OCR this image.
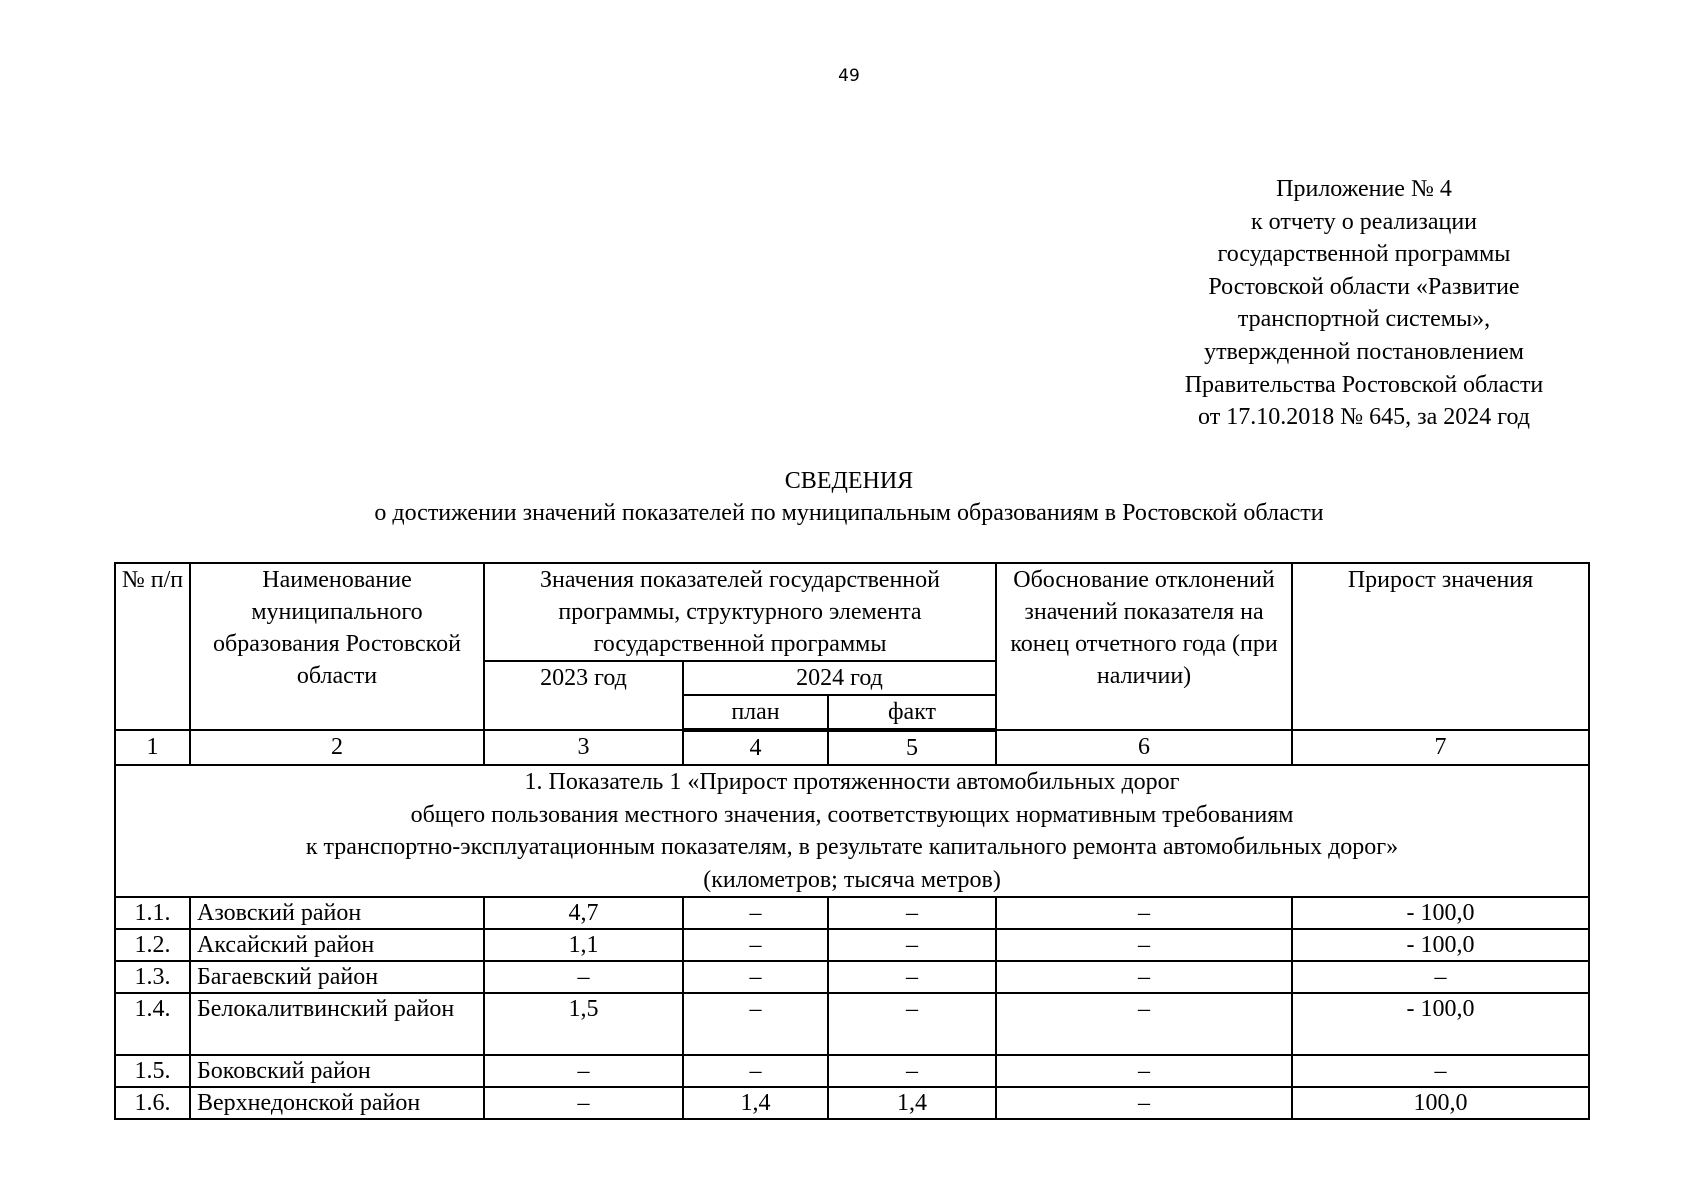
49
Приложение № 4
к отчету о реализации
государственной программы
Ростовской области «Развитие
транспортной системы»,
утвержденной постановлением
Правительства Ростовской области
от 17.10.2018 № 645, за 2024 год
СВЕДЕНИЯ
о достижении значений показателей по муниципальным образованиям в Ростовской области
№ п/п	Наименование муниципального образования Ростовской области	Значения показателей государственной программы, структурного элемента государственной программы			Обоснование отклонений значений показателя на конец отчетного года (при наличии)	Прирост значения
		2023 год	2024 год			
			план	факт		
1	2	3	4	5	6	7

1. Показатель 1 «Прирост протяженности автомобильных дорог
общего пользования местного значения, соответствующих нормативным требованиям
к транспортно-эксплуатационным показателям, в результате капитального ремонта автомобильных дорог»
(километров; тысяча метров)						

1.1.	Азовский район	4,7	–	–	–	- 100,0
1.2.	Аксайский район	1,1	–	–	–	- 100,0
1.3.	Багаевский район	–	–	–	–	–
1.4.	Белокалитвинский район	1,5	–	–	–	- 100,0
1.5.	Боковский район	–	–	–	–	–
1.6.	Верхнедонской район	–	1,4	1,4	–	100,0
